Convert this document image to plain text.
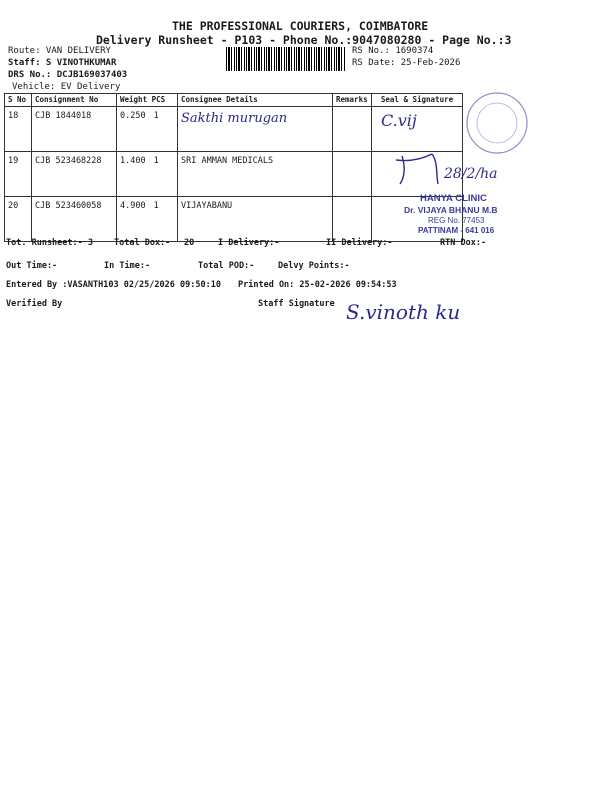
THE PROFESSIONAL COURIERS, COIMBATORE
Delivery Runsheet - P103 - Phone No.:9047080280 - Page No.:3
Route: VAN DELIVERY
Staff: S VINOTHKUMAR
DRS No.: DCJB169037403
Vehicle: EV Delivery
RS No.: 1690374
RS Date: 25-Feb-2026
S No	Consignment No	Weight PCS	Consignee Details	Remarks	Seal & Signature
18	CJB 1844018	0.250 1	Sakthi murugan		C.vij
19	CJB 523468228	1.400 1	SRI AMMAN MEDICALS		
20	CJB 523460058	4.900 1	VIJAYABANU		
28/2/ha
HANYA CLINIC
Dr. VIJAYA BHANU M.B
REG No. 77453
PATTINAM - 641 016
Tot. Runsheet:- 3 Total Dox:- 20	I Delivery:-	II Delivery:-	RTN Dox:-
Out Time:-	In Time:-	Total POD:-	Delvy Points:-
Entered By :VASANTH103 02/25/2026 09:50:10 Printed On: 25-02-2026 09:54:53
Verified By	Staff Signature S.vinoth ku
